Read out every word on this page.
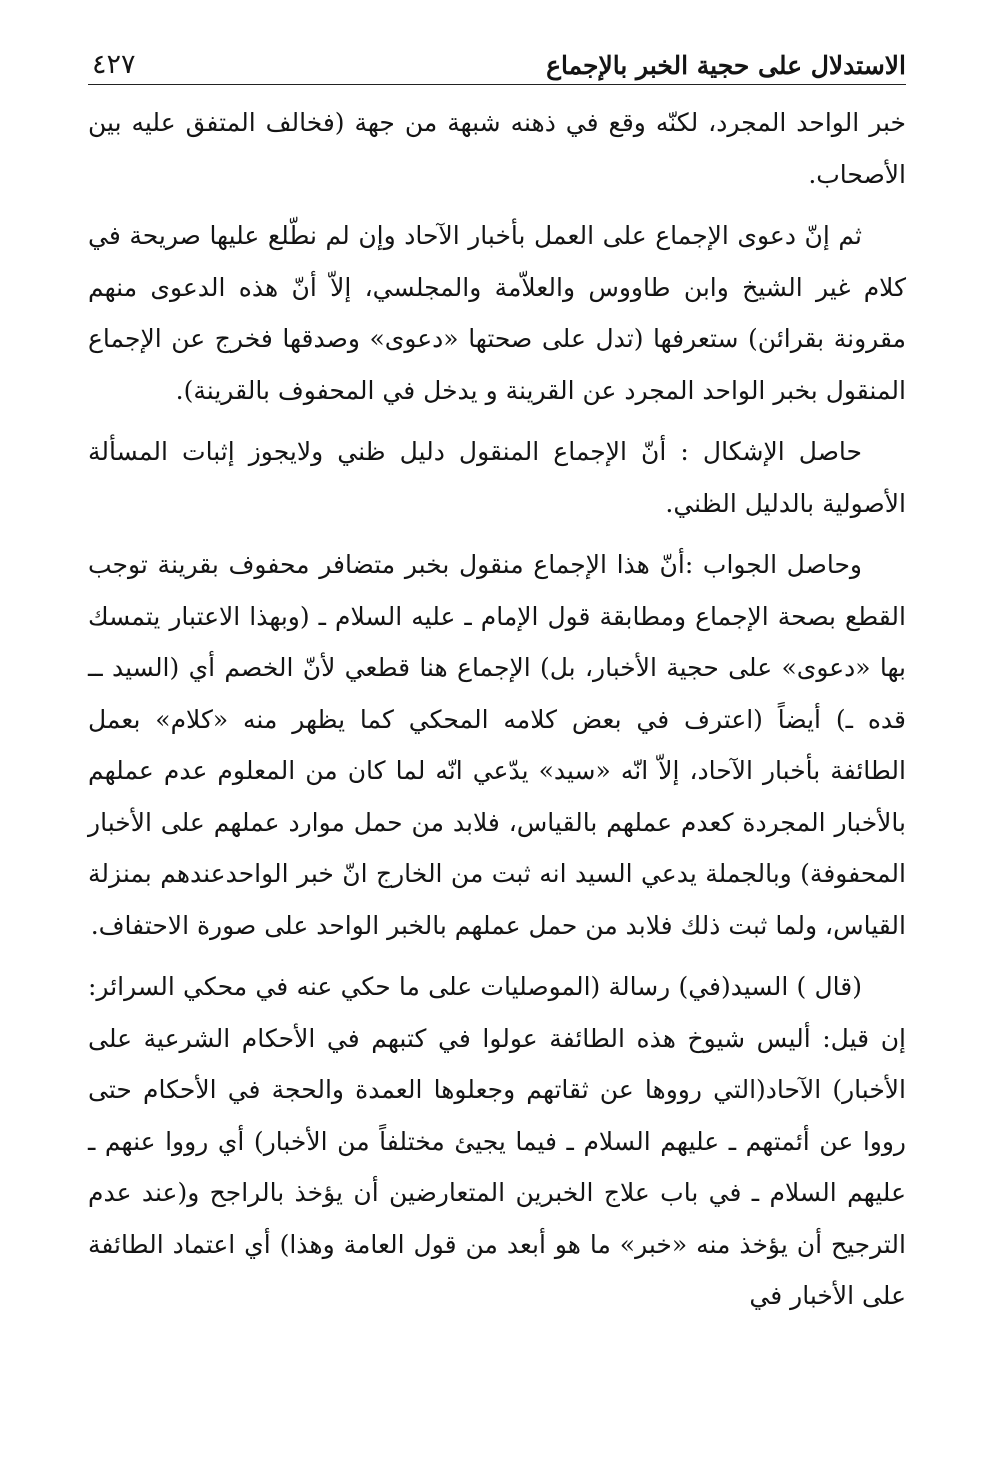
الاستدلال على حجية الخبر بالإجماع
٤٢٧

خبر الواحد المجرد، لكنّه وقع في ذهنه شبهة من جهة (فخالف المتفق عليه بين الأصحاب.

ثم إنّ دعوى الإجماع على العمل بأخبار الآحاد وإن لم نطّلع عليها صريحة في كلام غير الشيخ وابن طاووس والعلاّمة والمجلسي، إلاّ أنّ هذه الدعوى منهم مقرونة بقرائن) ستعرفها (تدل على صحتها «دعوى» وصدقها فخرج عن الإجماع المنقول بخبر الواحد المجرد عن القرينة و يدخل في المحفوف بالقرينة).

حاصل الإشكال : أنّ الإجماع المنقول دليل ظني ولايجوز إثبات المسألة الأصولية بالدليل الظني.

وحاصل الجواب :أنّ هذا الإجماع منقول بخبر متضافر محفوف بقرينة توجب القطع بصحة الإجماع ومطابقة قول الإمام ـ عليه السلام ـ (وبهذا الاعتبار يتمسك بها «دعوى» على حجية الأخبار، بل) الإجماع هنا قطعي لأنّ الخصم أي (السيد ــ قده ـ) أيضاً (اعترف في بعض كلامه المحكي كما يظهر منه «كلام» بعمل الطائفة بأخبار الآحاد، إلاّ انّه «سيد» يدّعي انّه لما كان من المعلوم عدم عملهم بالأخبار المجردة كعدم عملهم بالقياس، فلابد من حمل موارد عملهم على الأخبار المحفوفة) وبالجملة يدعي السيد انه ثبت من الخارج انّ خبر الواحدعندهم بمنزلة القياس، ولما ثبت ذلك فلابد من حمل عملهم بالخبر الواحد على صورة الاحتفاف.

(قال ) السيد(في) رسالة (الموصليات على ما حكي عنه في محكي السرائر: إن قيل: أليس شيوخ هذه الطائفة عولوا في كتبهم في الأحكام الشرعية على الأخبار) الآحاد(التي رووها عن ثقاتهم وجعلوها العمدة والحجة في الأحكام حتى رووا عن أئمتهم ـ عليهم السلام ـ فيما يجيئ مختلفاً من الأخبار) أي رووا عنهم ـ عليهم السلام ـ في باب علاج الخبرين المتعارضين أن يؤخذ بالراجح و(عند عدم الترجيح أن يؤخذ منه «خبر» ما هو أبعد من قول العامة وهذا) أي اعتماد الطائفة على الأخبار في
